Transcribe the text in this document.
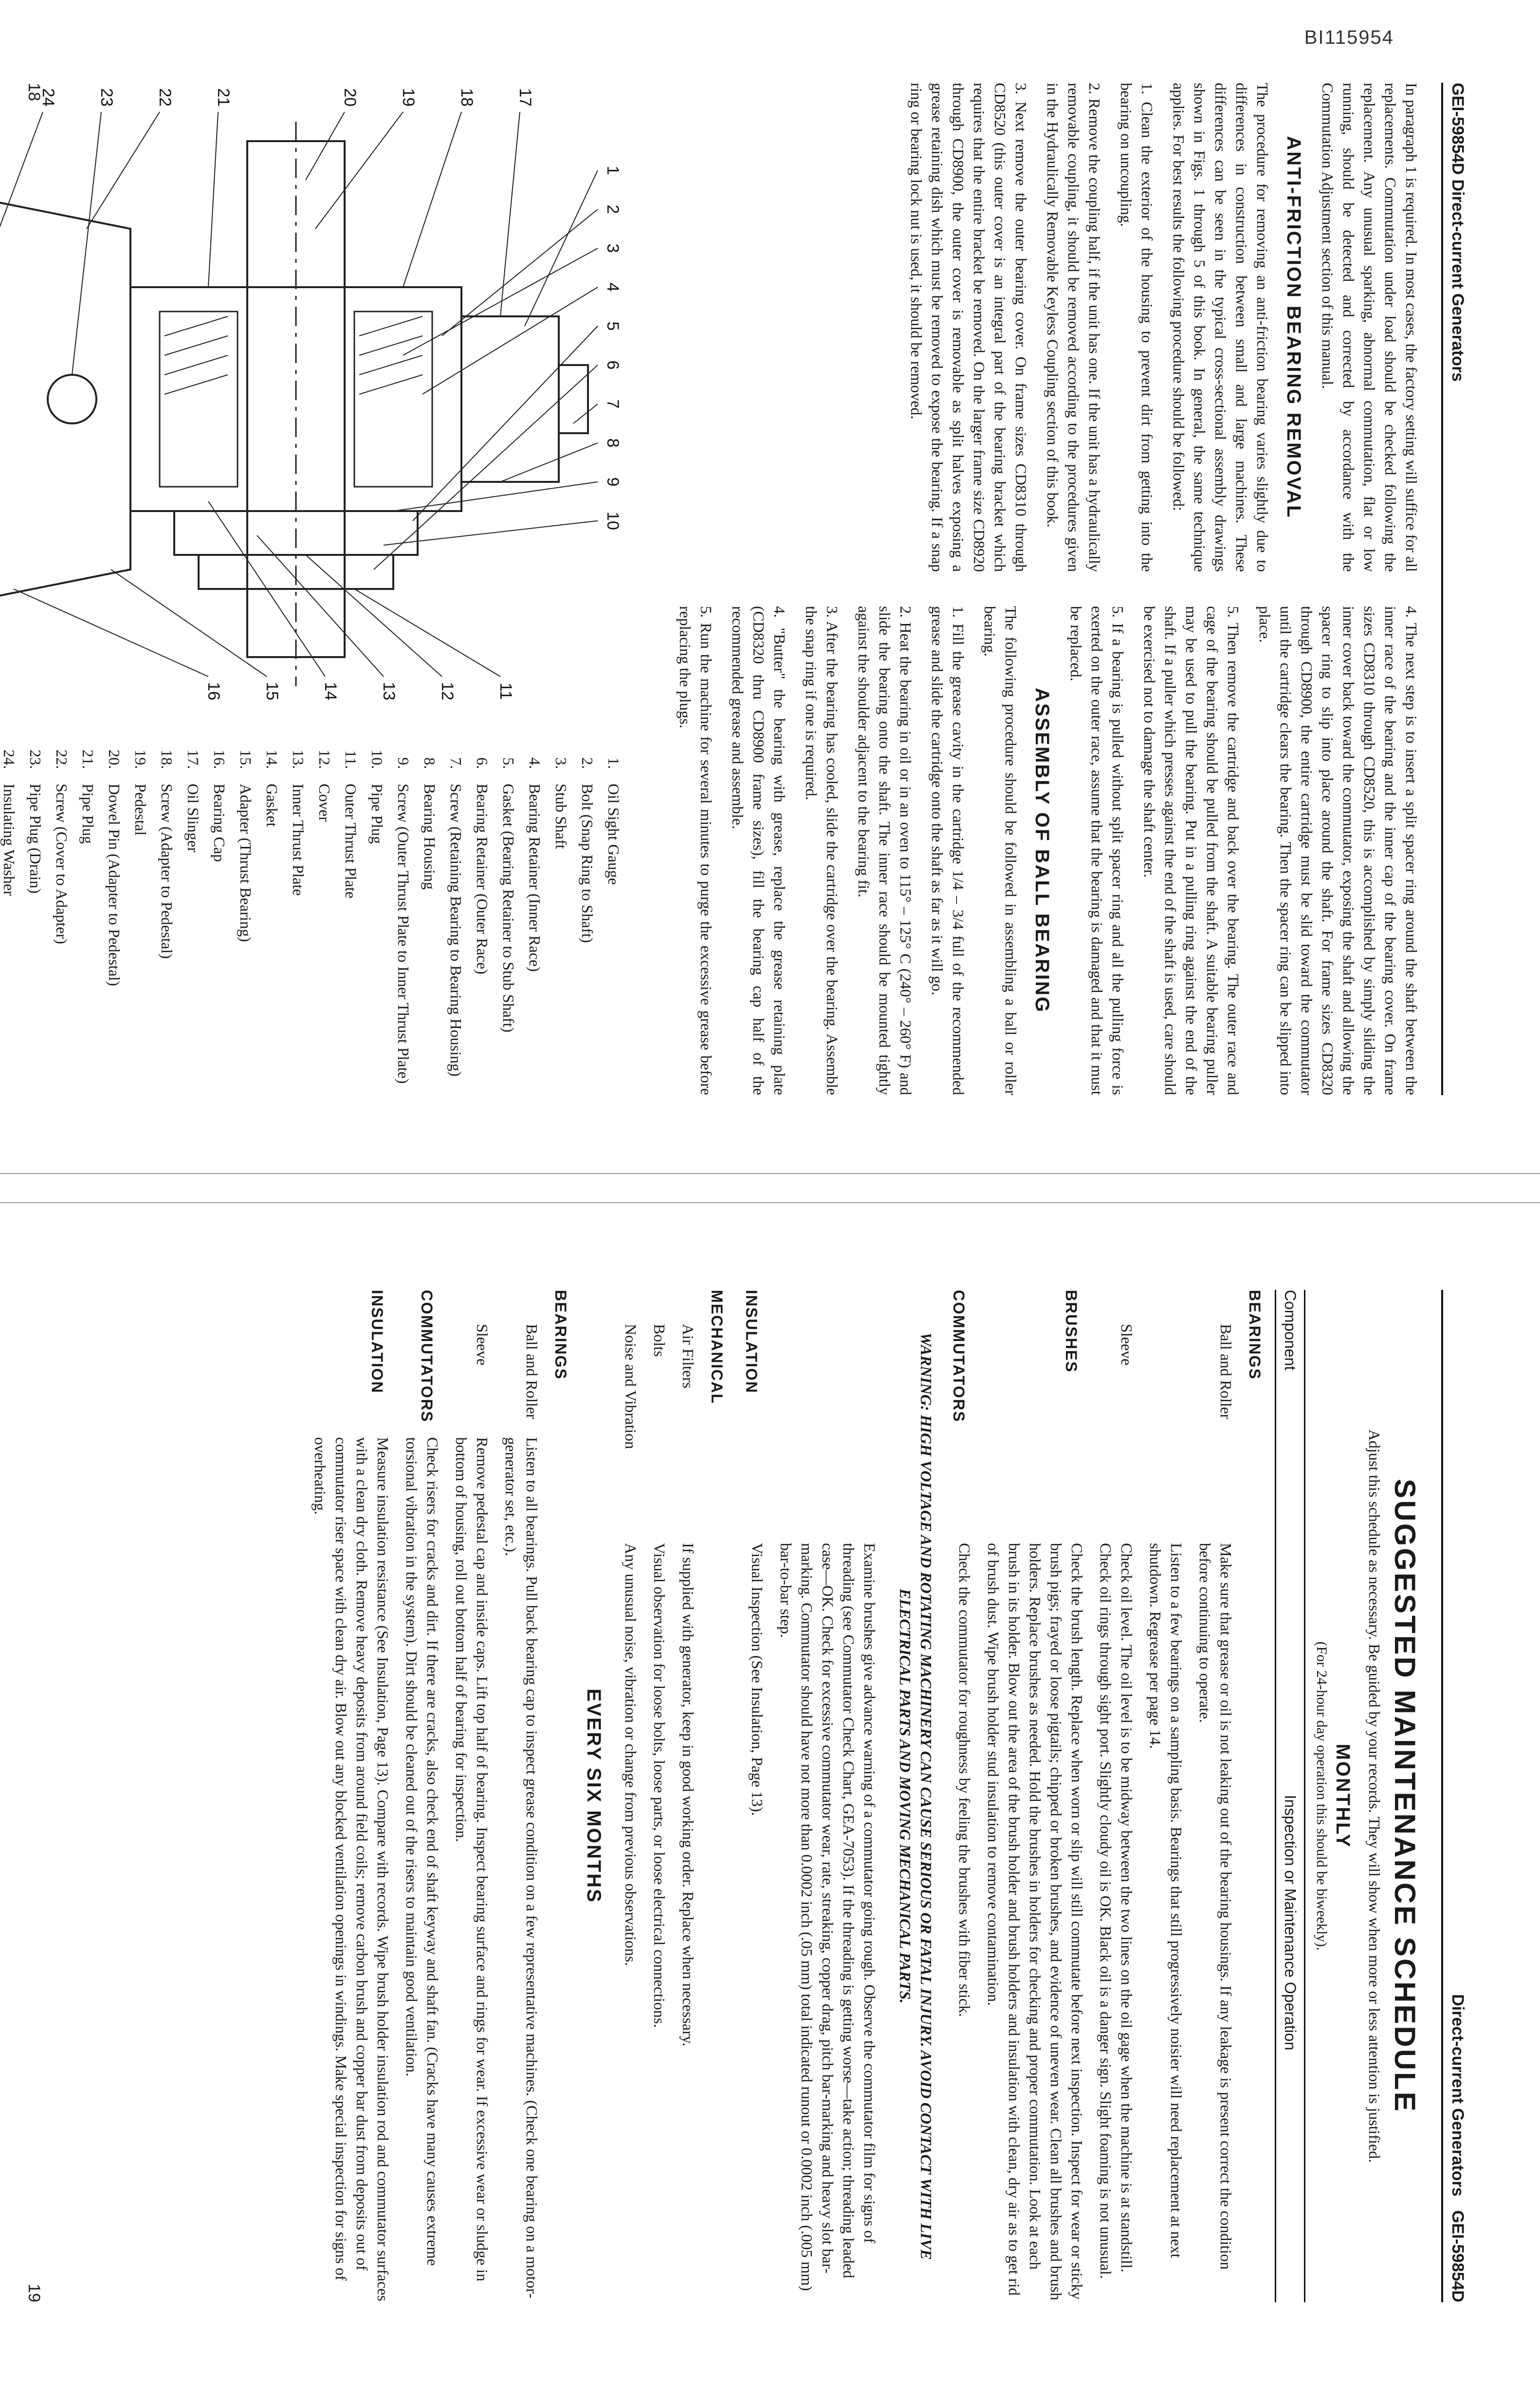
BI115954
GEI-59854D Direct-current Generators

In paragraph 1 is required. In most cases, the factory setting will suffice for all replacements. Commutation under load should be checked following the replacement. Any unusual sparking, abnormal commutation, flat or low running, should be detected and corrected by accordance with the Commutation Adjustment section of this manual.

ANTI-FRICTION BEARING REMOVAL

The procedure for removing an anti-friction bearing varies slightly due to differences in construction between small and large machines. These differences can be seen in the typical cross-sectional assembly drawings shown in Figs. 1 through 5 of this book. In general, the same technique applies. For best results the following procedure should be followed:

1. Clean the exterior of the housing to prevent dirt from getting into the bearing on uncoupling.

2. Remove the coupling half, if the unit has one. If the unit has a hydraulically removable coupling, it should be removed according to the procedures given in the Hydraulically Removable Keyless Coupling section of this book.

3. Next remove the outer bearing cover. On frame sizes CD8310 through CD8520 (this outer cover is an integral part of the bearing bracket which requires that the entire bracket be removed. On the larger frame size CD8920 through CD8900, the outer cover is removable as split halves exposing a grease retaining dish which must be removed to expose the bearing. If a snap ring or bearing lock nut is used, it should be removed.

4. The next step is to insert a split spacer ring around the shaft between the inner race of the bearing and the inner cap of the bearing cover. On frame sizes CD8310 through CD8520, this is accomplished by simply sliding the inner cover back toward the commutator, exposing the shaft and allowing the spacer ring to slip into place around the shaft. For frame sizes CD8320 through CD8900, the entire cartridge must be slid toward the commutator until the cartridge clears the bearing. Then the spacer ring can be slipped into place.

5. Then remove the cartridge and back over the bearing. The outer race and cage of the bearing should be pulled from the shaft. A suitable bearing puller may be used to pull the bearing. Put in a pulling ring against the end of the shaft. If a puller which presses against the end of the shaft is used, care should be exercised not to damage the shaft center.

5. If a bearing is pulled without split spacer ring and all the pulling force is exerted on the outer race, assume that the bearing is damaged and that it must be replaced.

ASSEMBLY OF BALL BEARING

The following procedure should be followed in assembling a ball or roller bearing.

1. Fill the grease cavity in the cartridge 1/4 – 3/4 full of the recommended grease and slide the cartridge onto the shaft as far as it will go.

2. Heat the bearing in oil or in an oven to 115° – 125° C (240° – 260° F) and slide the bearing onto the shaft. The inner race should be mounted tightly against the shoulder adjacent to the bearing fit.

3. After the bearing has cooled, slide the cartridge over the bearing. Assemble the snap ring if one is required.

4. "Butter" the bearing with grease, replace the grease retaining plate (CD8320 thru CD8900 frame sizes), fill the bearing cap half of the recommended grease and assemble.

5. Run the machine for several minutes to purge the excessive grease before replacing the plugs.

1
2
3
4
5
6
7
8
9
10
11
12
13
14
15
16
17
18
19
20
21
22
23
24
1.
Oil Sight Gauge
2.
Bolt (Snap Ring to Shaft)
3.
Stub Shaft
4.
Bearing Retainer (Inner Race)
5.
Gasket (Bearing Retainer to Stub Shaft)
6.
Bearing Retainer (Outer Race)
7.
Screw (Retaining Bearing to Bearing Housing)
8.
Bearing Housing
9.
Screw (Outer Thrust Plate to Inner Thrust Plate)
10.
Pipe Plug
11.
Outer Thrust Plate
12.
Cover
13.
Inner Thrust Plate
14.
Gasket
15.
Adapter (Thrust Bearing)
16.
Bearing Cap
17.
Oil Slinger
18.
Screw (Adapter to Pedestal)
19.
Pedestal
20.
Dowel Pin (Adapter to Pedestal)
21.
Pipe Plug
22.
Screw (Cover to Adapter)
23.
Pipe Plug (Drain)
24.
Insulating Washer
18
Direct-current Generators   GEI-59854D
SUGGESTED MAINTENANCE SCHEDULE
Adjust this schedule as necessary. Be guided by your records. They will show when more or less attention is justified.
MONTHLY
(For 24-hour day operation this should be biweekly).
Component	Inspection or Maintenance Operation
BEARINGS	
Ball and Roller	Make sure that grease or oil is not leaking out of the bearing housings. If any leakage is present correct the condition before continuing to operate.
	Listen to a few bearings on a sampling basis. Bearings that still progressively noisier will need replacement at next shutdown. Regrease per page 14.
Sleeve	Check oil level. The oil level is to be midway between the two lines on the oil gage when the machine is at standstill. Check oil rings through sight port. Slightly cloudy oil is OK. Black oil is a danger sign. Slight foaming is not unusual.
BRUSHES	Check the brush length. Replace when worn or slip will still commutate before next inspection. Inspect for wear or sticky brush pigs; frayed or loose pigtails; chipped or broken brushes, and evidence of uneven wear. Clean all brushes and brush holders. Replace brushes as needed. Hold the brushes in holders for checking and proper commutation. Look at each brush in its holder. Blow out the area of the brush holder and brush holders and insulation with clean, dry air as to get rid of brush dust. Wipe brush holder stud insulation to remove contamination.
COMMUTATORS	Check the commutator for roughness by feeling the brushes with fiber stick.

WARNING: HIGH VOLTAGE AND ROTATING MACHINERY CAN CAUSE SERIOUS OR FATAL INJURY. AVOID CONTACT WITH LIVE ELECTRICAL PARTS AND MOVING MECHANICAL PARTS.	

	Examine brushes give advance warning of a commutator going rough. Observe the commutator film for signs of threading (see Commutator Check Chart, GEA-7053). If the threading is getting worse—take action; threading leaded case—OK. Check for excessive commutator wear, rate, streaking, copper drag, pitch bar-marking and heavy slot bar-marking. Commutator should have not more than 0.0002 inch (.05 mm) total indicated runout or 0.0002 inch (.005 mm) bar-to-bar step.
INSULATION	Visual Inspection (See Insulation, Page 13).
MECHANICAL	
Air Filters	If supplied with generator, keep in good working order. Replace when necessary.
Bolts	Visual observation for loose bolts, loose parts, or loose electrical connections.
Noise and Vibration	Any unusual noise, vibration or change from previous observations.
EVERY SIX MONTHS
BEARINGS	
Ball and Roller	Listen to all bearings. Pull back bearing cap to inspect grease condition on a few representative machines. (Check one bearing on a motor-generator set, etc.).
Sleeve	Remove pedestal cap and inside caps. Lift top half of bearing. Inspect bearing surface and rings for wear. If excessive wear or sludge in bottom of housing, roll out bottom half of bearing for inspection.
COMMUTATORS	Check risers for cracks and dirt. If there are cracks, also check end of shaft keyway and shaft fan. (Cracks have many causes extreme torsional vibration in the system). Dirt should be cleaned out of the risers to maintain good ventilation.
INSULATION	Measure insulation resistance (See Insulation, Page 13). Compare with records. Wipe brush holder insulation rod and commutator surfaces with a clean dry cloth. Remove heavy deposits from around field coils; remove carbon brush and copper bar dust from deposits out of commutator riser space with clean dry air. Blow out any blocked ventilation openings in windings. Make special inspection for signs of overheating.
19
